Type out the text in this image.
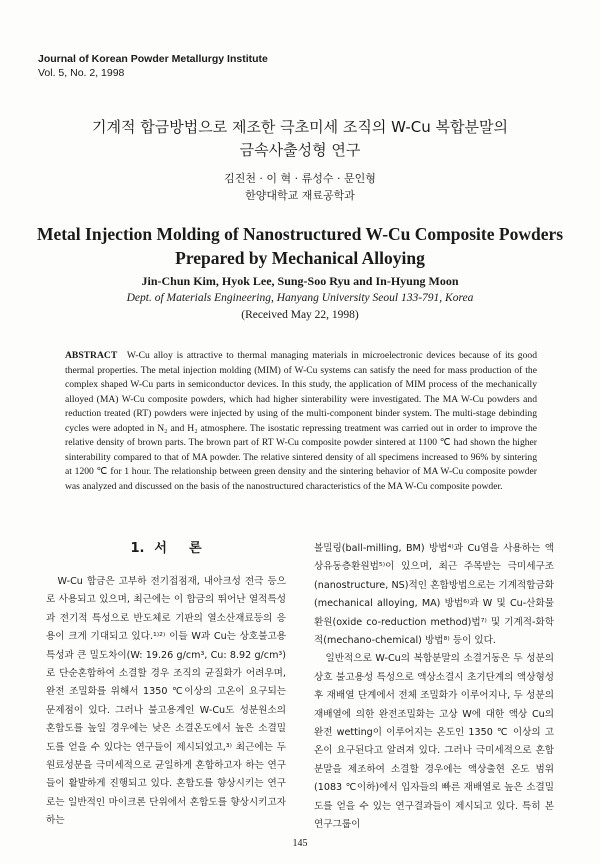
Journal of Korean Powder Metallurgy Institute
Vol. 5, No. 2, 1998
기계적 합금방법으로 제조한 극초미세 조직의 W-Cu 복합분말의
금속사출성형 연구
김진천 · 이 혁 · 류성수 · 문인형
한양대학교 재료공학과
Metal Injection Molding of Nanostructured W-Cu Composite Powders
Prepared by Mechanical Alloying
Jin-Chun Kim, Hyok Lee, Sung-Soo Ryu and In-Hyung Moon
Dept. of Materials Engineering, Hanyang University Seoul 133-791, Korea
(Received May 22, 1998)
ABSTRACT W-Cu alloy is attractive to thermal managing materials in microelectronic devices because of its good thermal properties. The metal injection molding (MIM) of W-Cu systems can satisfy the need for mass production of the complex shaped W-Cu parts in semiconductor devices. In this study, the application of MIM process of the mechanically alloyed (MA) W-Cu composite powders, which had higher sinterability were investigated. The MA W-Cu powders and reduction treated (RT) powders were injected by using of the multi-component binder system. The multi-stage debinding cycles were adopted in N₂ and H₂ atmosphere. The isostatic repressing treatment was carried out in order to improve the relative density of brown parts. The brown part of RT W-Cu composite powder sintered at 1100 ℃ had shown the higher sinterability compared to that of MA powder. The relative sintered density of all specimens increased to 96% by sintering at 1200 ℃ for 1 hour. The relationship between green density and the sintering behavior of MA W-Cu composite powder was analyzed and discussed on the basis of the nanostructured characteristics of the MA W-Cu composite powder.
1. 서 론

W-Cu 합금은 고부하 전기접점재, 내아크성 전극 등으로 사용되고 있으며, 최근에는 이 합금의 뛰어난 열적특성과 전기적 특성으로 반도체로 기판의 열소산재료등의 응용이 크게 기대되고 있다.¹⁾²⁾ 이들 W과 Cu는 상호불고용 특성과 큰 밀도차이(W: 19.26 g/cm³, Cu: 8.92 g/cm³)로 단순혼합하여 소결할 경우 조직의 균질화가 어려우며, 완전 조밀화를 위해서 1350 ℃이상의 고온이 요구되는 문제점이 있다. 그러나 불고용계인 W-Cu도 성분원소의 혼합도를 높일 경우에는 낮은 소결온도에서 높은 소결밀도를 얻을 수 있다는 연구들이 제시되었고,³⁾ 최근에는 두 원료성분을 극미세적으로 균일하게 혼합하고자 하는 연구들이 활발하게 진행되고 있다. 혼합도를 향상시키는 연구로는 일반적인 마이크론 단위에서 혼합도를 향상시키고자하는

볼밀링(ball-milling, BM) 방법⁴⁾과 Cu염을 사용하는 액상유동층환원법⁵⁾이 있으며, 최근 주목받는 극미세구조(nanostructure, NS)적인 혼합방법으로는 기계적합금화(mechanical alloying, MA) 방법⁶⁾과 W 및 Cu-산화물 환원(oxide co-reduction method)법⁷⁾ 및 기계적-화학적(mechano-chemical) 방법⁸⁾ 등이 있다.

일반적으로 W-Cu의 복합분말의 소결거동은 두 성분의 상호 불고용성 특성으로 액상소결시 초기단계의 액상형성 후 재배열 단계에서 전체 조밀화가 이루어지나, 두 성분의 재배열에 의한 완전조밀화는 고상 W에 대한 액상 Cu의 완전 wetting이 이루어지는 온도인 1350 ℃ 이상의 고온이 요구된다고 알려져 있다. 그러나 극미세적으로 혼합분말을 제조하여 소결할 경우에는 액상출현 온도 범위(1083 ℃이하)에서 입자들의 빠른 재배열로 높은 소결밀도를 얻을 수 있는 연구결과들이 제시되고 있다. 특히 본 연구그룹이

145
